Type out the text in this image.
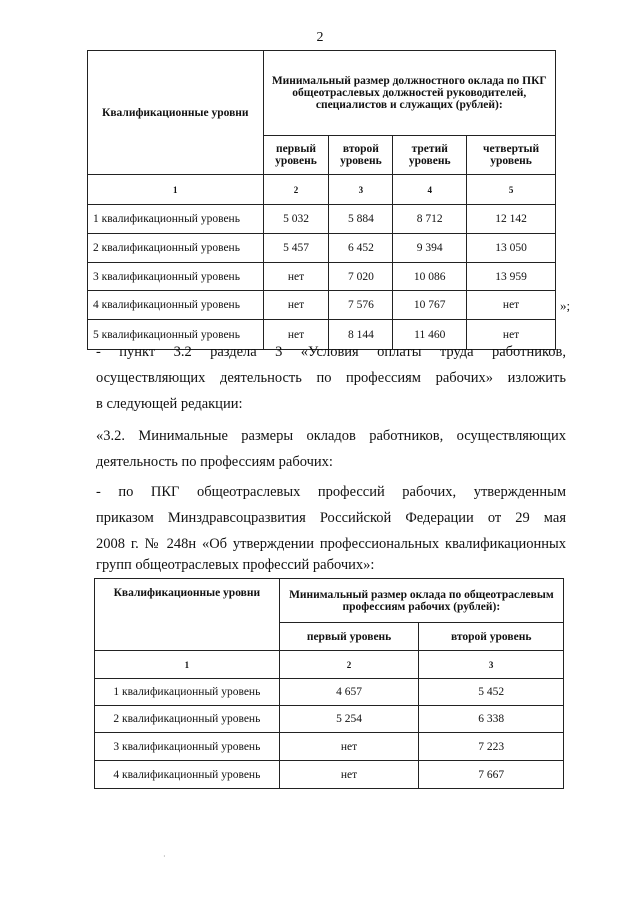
2
Квалификационные уровни	Минимальный размер должностного оклада по ПКГ общеотраслевых должностей руководителей, специалистов и служащих (рублей):			
	первый уровень	второй уровень	третий уровень	четвертый уровень
1	2	3	4	5
1 квалификационный уровень	5 032	5 884	8 712	12 142
2 квалификационный уровень	5 457	6 452	9 394	13 050
3 квалификационный уровень	нет	7 020	10 086	13 959
4 квалификационный уровень	нет	7 576	10 767	нет
5 квалификационный уровень	нет	8 144	11 460	нет
»;
- пункт 3.2 раздела 3 «Условия оплаты труда работников,
осуществляющих деятельность по профессиям рабочих» изложить
в следующей редакции:
«3.2. Минимальные размеры окладов работников, осуществляющих
деятельность по профессиям рабочих:
- по ПКГ общеотраслевых профессий рабочих, утвержденным
приказом Минздравсоцразвития Российской Федерации от 29 мая
2008 г. № 248н «Об утверждении профессиональных квалификационных
групп общеотраслевых профессий рабочих»:
Квалификационные уровни	Минимальный размер оклада по общеотраслевым профессиям рабочих (рублей):	
	первый уровень	второй уровень
1	2	3
1 квалификационный уровень	4 657	5 452
2 квалификационный уровень	5 254	6 338
3 квалификационный уровень	нет	7 223
4 квалификационный уровень	нет	7 667
·
